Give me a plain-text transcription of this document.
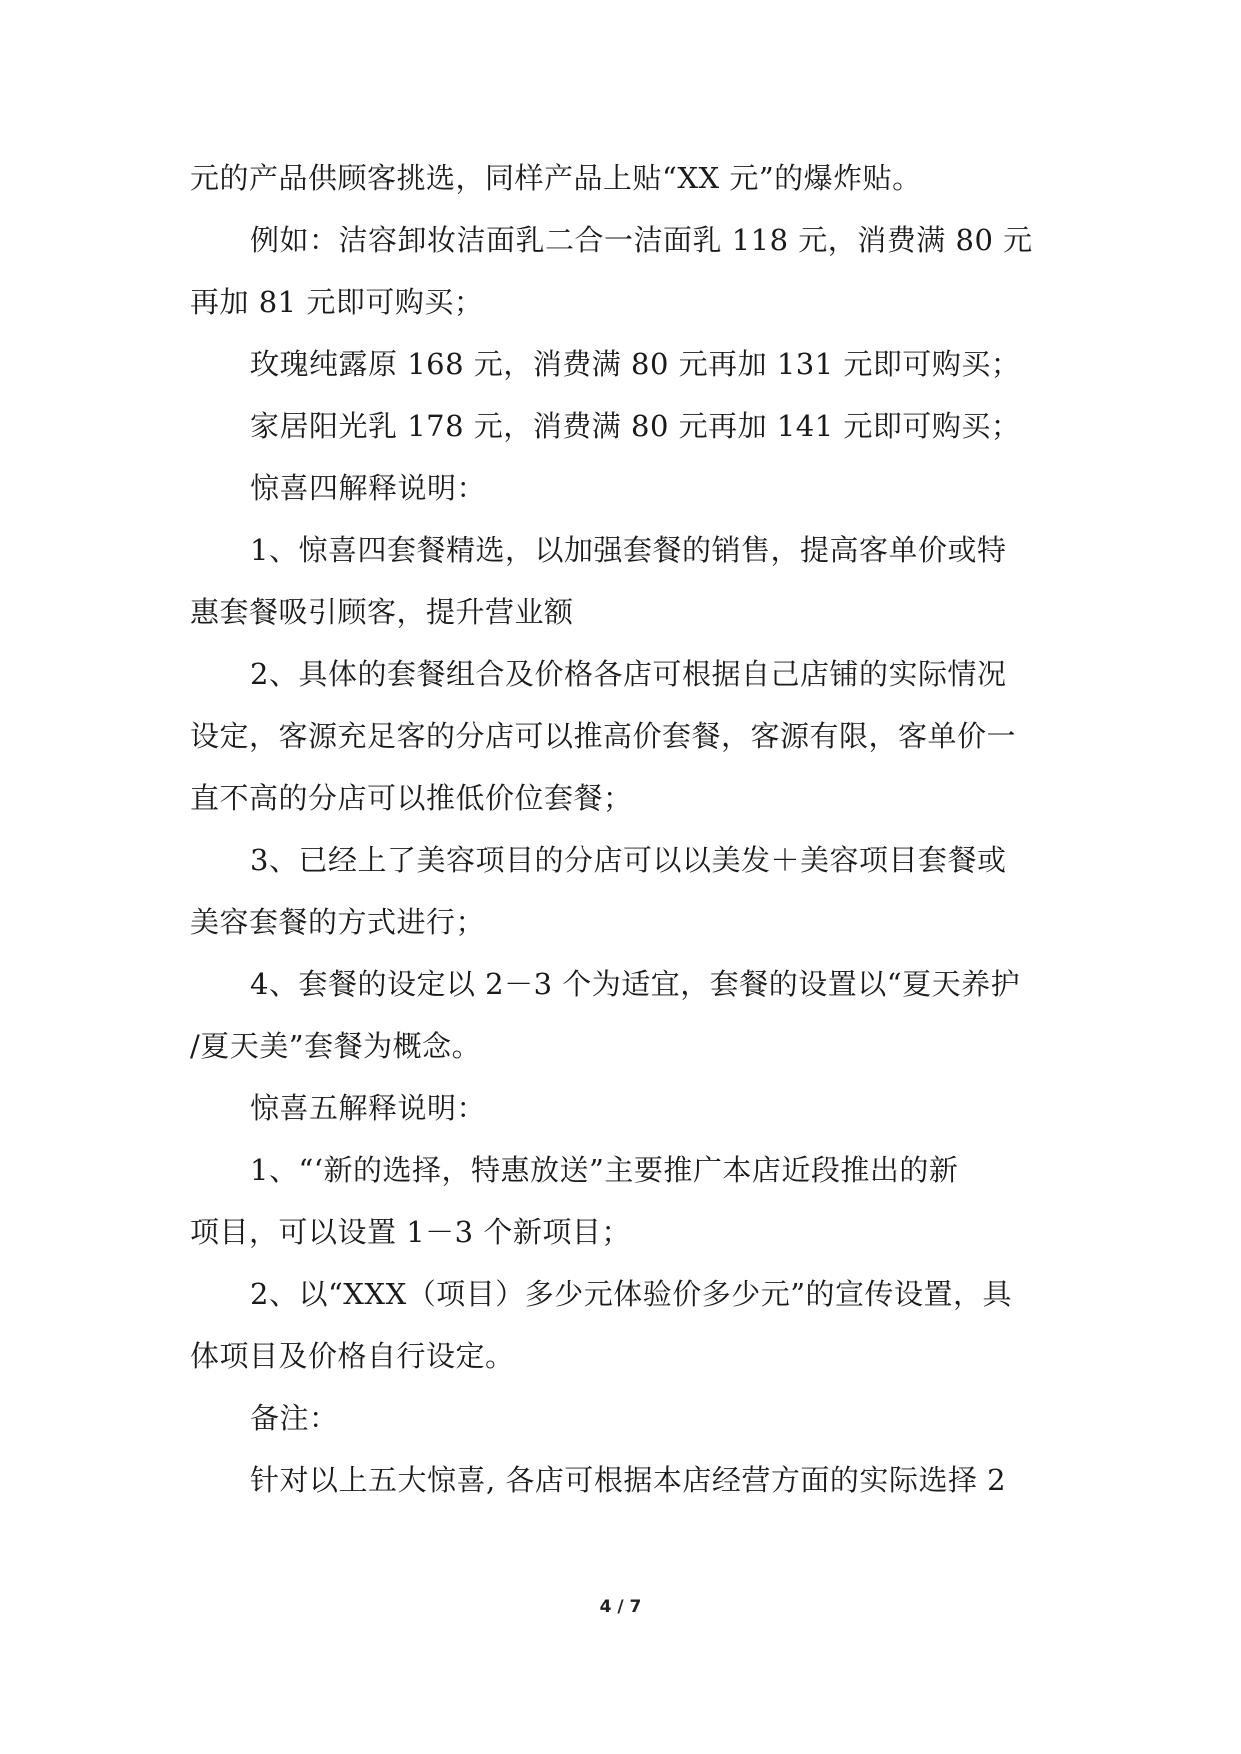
元的产品供顾客挑选，同样产品上贴“XX 元”的爆炸贴。
例如：洁容卸妆洁面乳二合一洁面乳 118 元，消费满 80 元
再加 81 元即可购买；
玫瑰纯露原 168 元，消费满 80 元再加 131 元即可购买；
家居阳光乳 178 元，消费满 80 元再加 141 元即可购买；
惊喜四解释说明：
1、惊喜四套餐精选，以加强套餐的销售，提高客单价或特
惠套餐吸引顾客，提升营业额
2、具体的套餐组合及价格各店可根据自己店铺的实际情况
设定，客源充足客的分店可以推高价套餐，客源有限，客单价一
直不高的分店可以推低价位套餐；
3、已经上了美容项目的分店可以以美发＋美容项目套餐或
美容套餐的方式进行；
4、套餐的设定以 2－3 个为适宜，套餐的设置以“夏天养护
/夏天美”套餐为概念。
惊喜五解释说明：
1、“‘新的选择，特惠放送”主要推广本店近段推出的新
项目，可以设置 1－3 个新项目；
2、以“XXX（项目）多少元体验价多少元”的宣传设置，具
体项目及价格自行设定。
备注：
针对以上五大惊喜, 各店可根据本店经营方面的实际选择 2
4 / 7
